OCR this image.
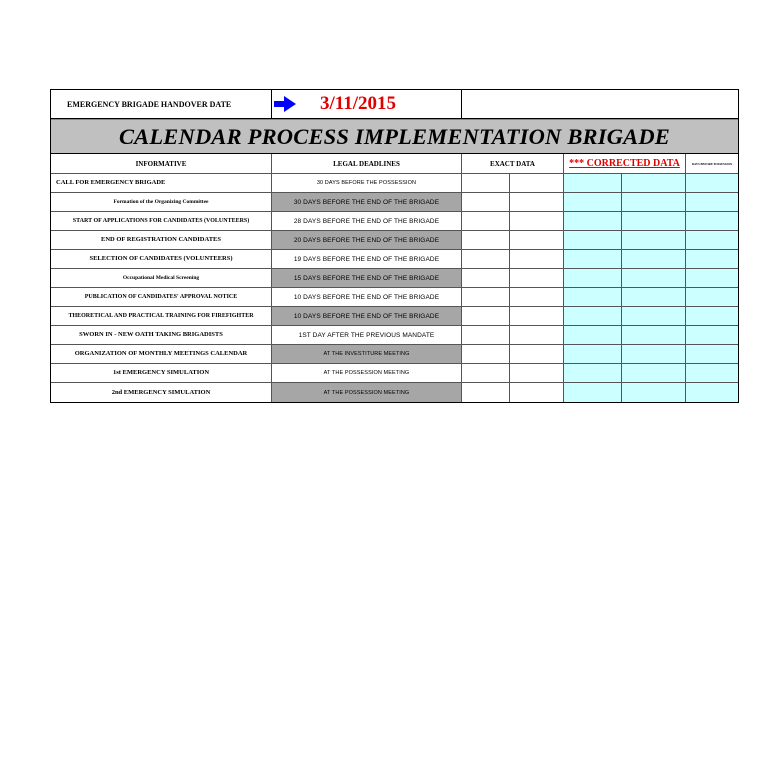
EMERGENCY BRIGADE HANDOVER DATE	3/11/2015
CALENDAR PROCESS IMPLEMENTATION BRIGADE
INFORMATIVE	LEGAL DEADLINES	EXACT DATA	*** CORRECTED DATA	DAYS BEFORE POSSESSION
CALL FOR EMERGENCY BRIGADE	30 DAYS BEFORE THE POSSESSION
Formation of the Organizing Committee	30 DAYS BEFORE THE END OF THE BRIGADE
START OF APPLICATIONS FOR CANDIDATES (VOLUNTEERS)	28 DAYS BEFORE THE END OF THE BRIGADE
END OF REGISTRATION CANDIDATES	20 DAYS BEFORE THE END OF THE BRIGADE
SELECTION OF CANDIDATES (VOLUNTEERS)	19 DAYS BEFORE THE END OF THE BRIGADE
Occupational Medical Screening	15 DAYS BEFORE THE END OF THE BRIGADE
PUBLICATION OF CANDIDATES' APPROVAL NOTICE	10 DAYS BEFORE THE END OF THE BRIGADE
THEORETICAL AND PRACTICAL TRAINING FOR FIREFIGHTER	10 DAYS BEFORE THE END OF THE BRIGADE
SWORN IN - NEW OATH TAKING BRIGADISTS	1ST DAY AFTER THE PREVIOUS MANDATE
ORGANIZATION OF MONTHLY MEETINGS CALENDAR	AT THE INVESTITURE MEETING
1st EMERGENCY SIMULATION	AT THE POSSESSION MEETING
2nd EMERGENCY SIMULATION	AT THE POSSESSION MEETING
